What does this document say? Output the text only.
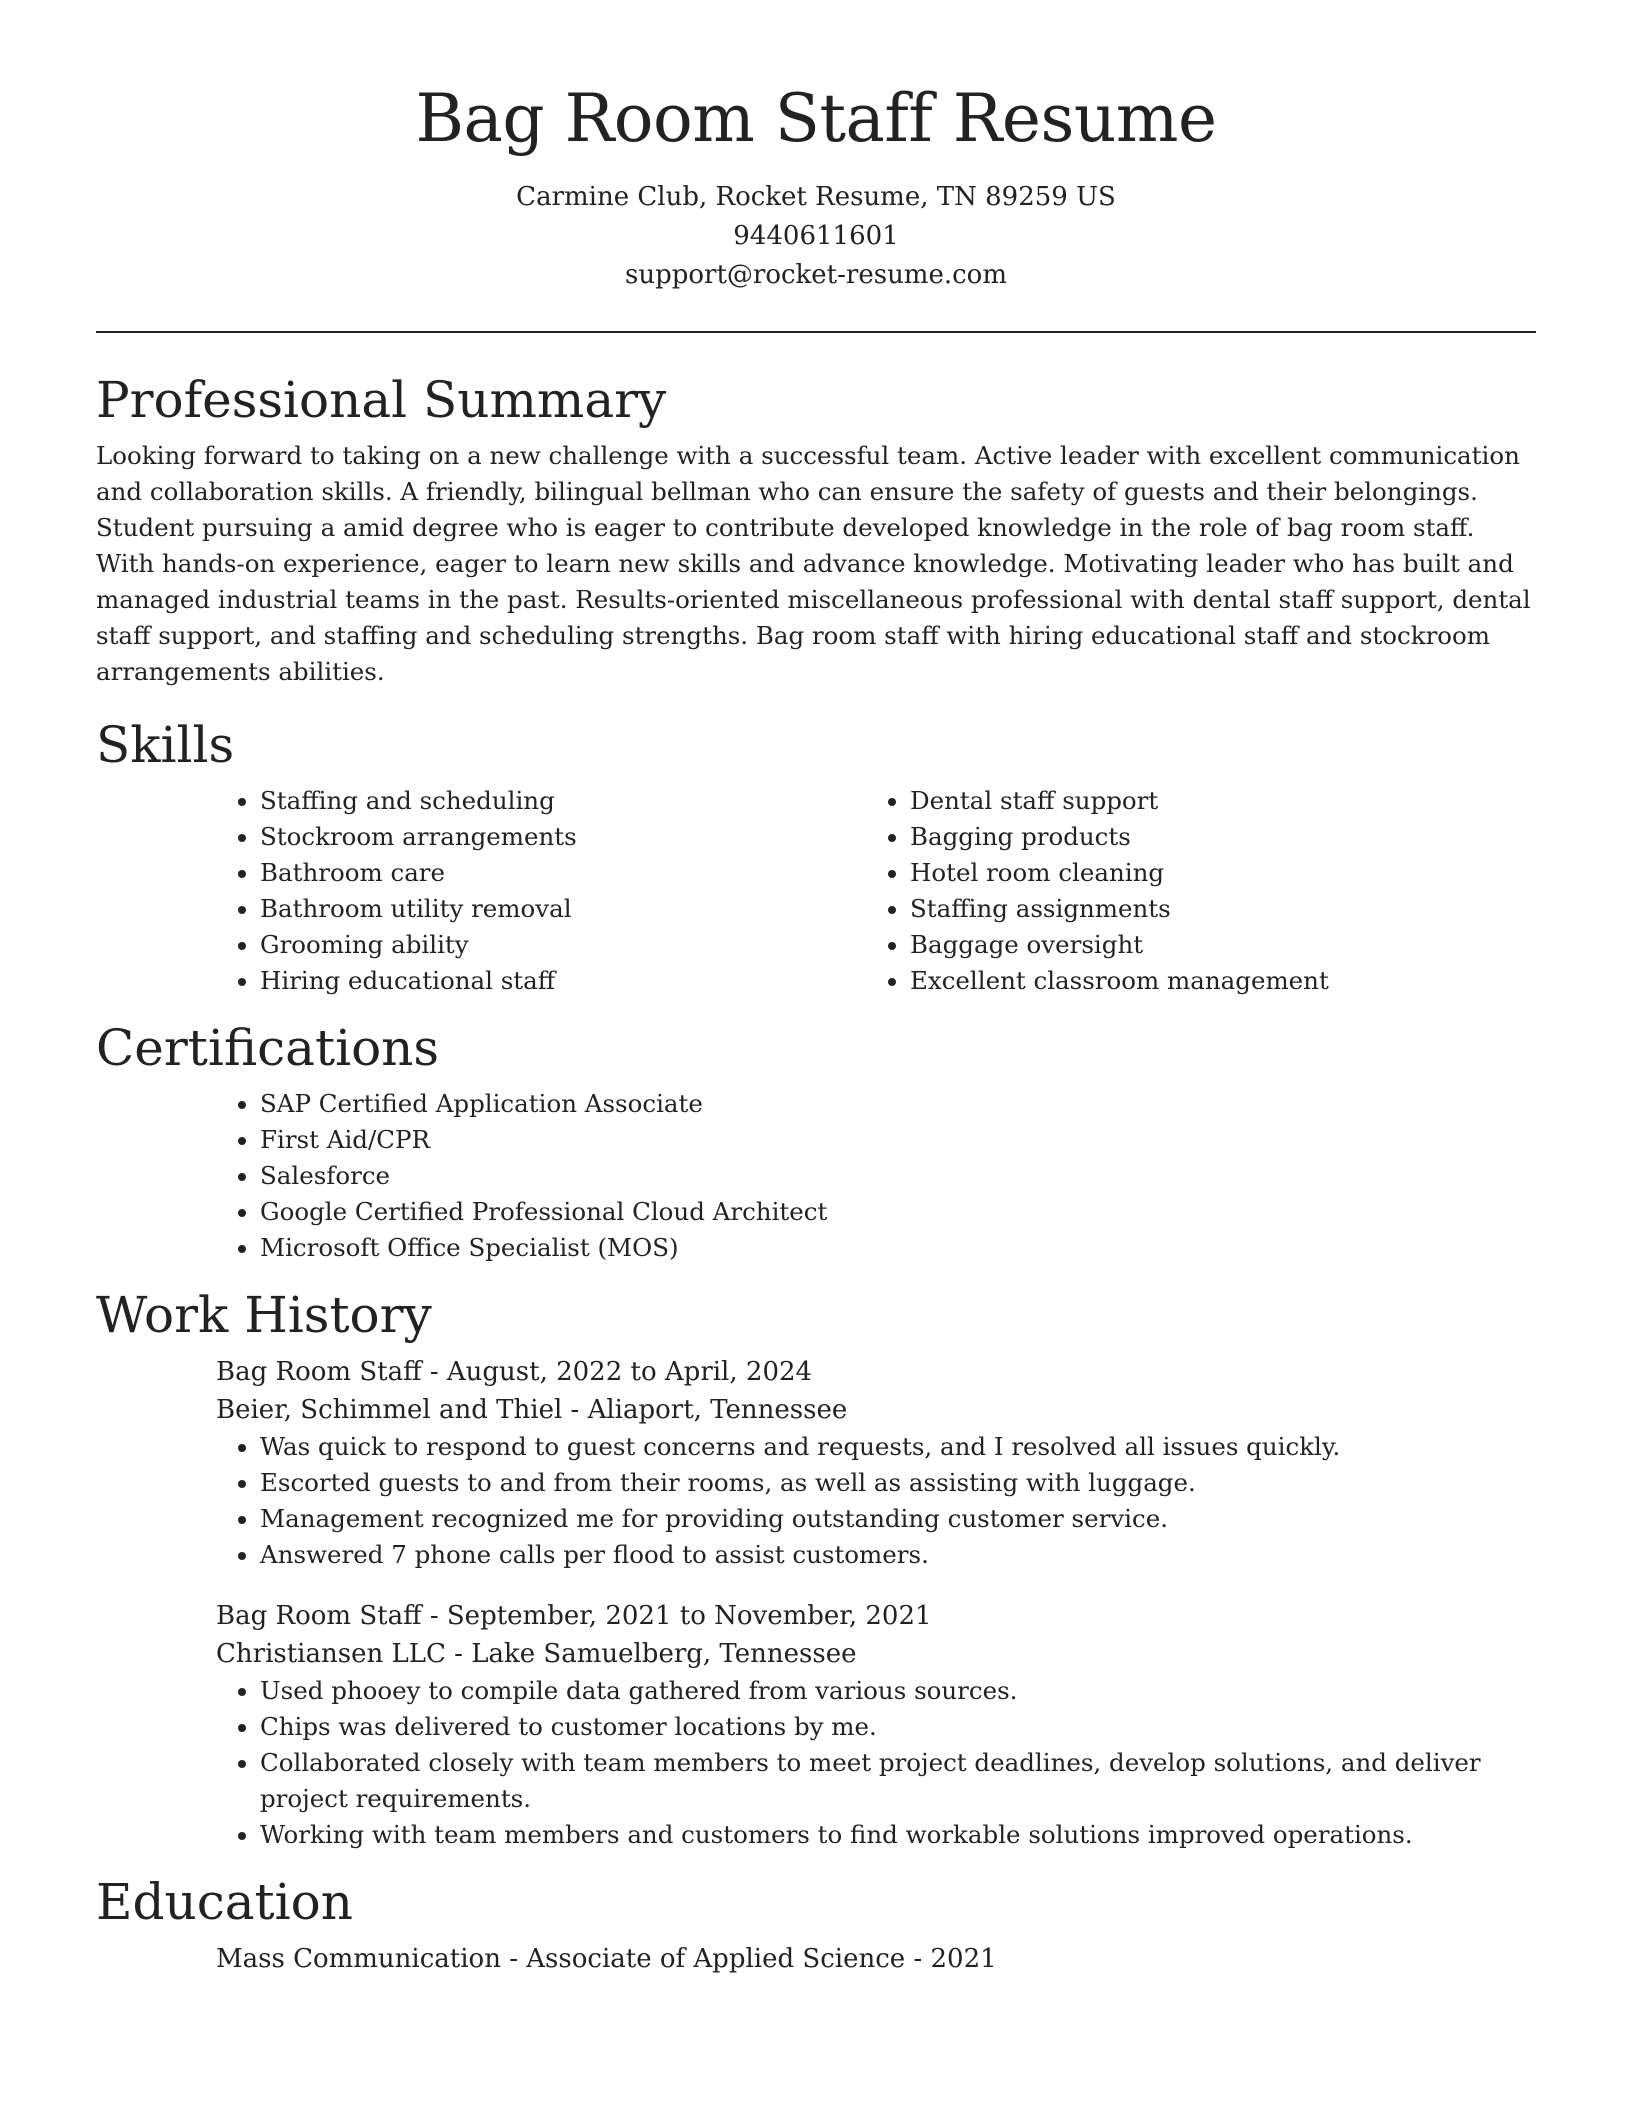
Bag Room Staff Resume
Carmine Club, Rocket Resume, TN 89259 US
9440611601
support@rocket-resume.com
Professional Summary

Looking forward to taking on a new challenge with a successful team. Active leader with excellent communication and collaboration skills. A friendly, bilingual bellman who can ensure the safety of guests and their belongings. Student pursuing a amid degree who is eager to contribute developed knowledge in the role of bag room staff. With hands-on experience, eager to learn new skills and advance knowledge. Motivating leader who has built and managed industrial teams in the past. Results-oriented miscellaneous professional with dental staff support, dental staff support, and staffing and scheduling strengths. Bag room staff with hiring educational staff and stockroom arrangements abilities.

Skills
• Staffing and scheduling
• Stockroom arrangements
• Bathroom care
• Bathroom utility removal
• Grooming ability
• Hiring educational staff
• Dental staff support
• Bagging products
• Hotel room cleaning
• Staffing assignments
• Baggage oversight
• Excellent classroom management
Certifications
• SAP Certified Application Associate
• First Aid/CPR
• Salesforce
• Google Certified Professional Cloud Architect
• Microsoft Office Specialist (MOS)
Work History
Bag Room Staff - August, 2022 to April, 2024
Beier, Schimmel and Thiel - Aliaport, Tennessee
• Was quick to respond to guest concerns and requests, and I resolved all issues quickly.
• Escorted guests to and from their rooms, as well as assisting with luggage.
• Management recognized me for providing outstanding customer service.
• Answered 7 phone calls per flood to assist customers.
Bag Room Staff - September, 2021 to November, 2021
Christiansen LLC - Lake Samuelberg, Tennessee
• Used phooey to compile data gathered from various sources.
• Chips was delivered to customer locations by me.
• Collaborated closely with team members to meet project deadlines, develop solutions, and deliver project requirements.
• Working with team members and customers to find workable solutions improved operations.
Education
Mass Communication - Associate of Applied Science - 2021
